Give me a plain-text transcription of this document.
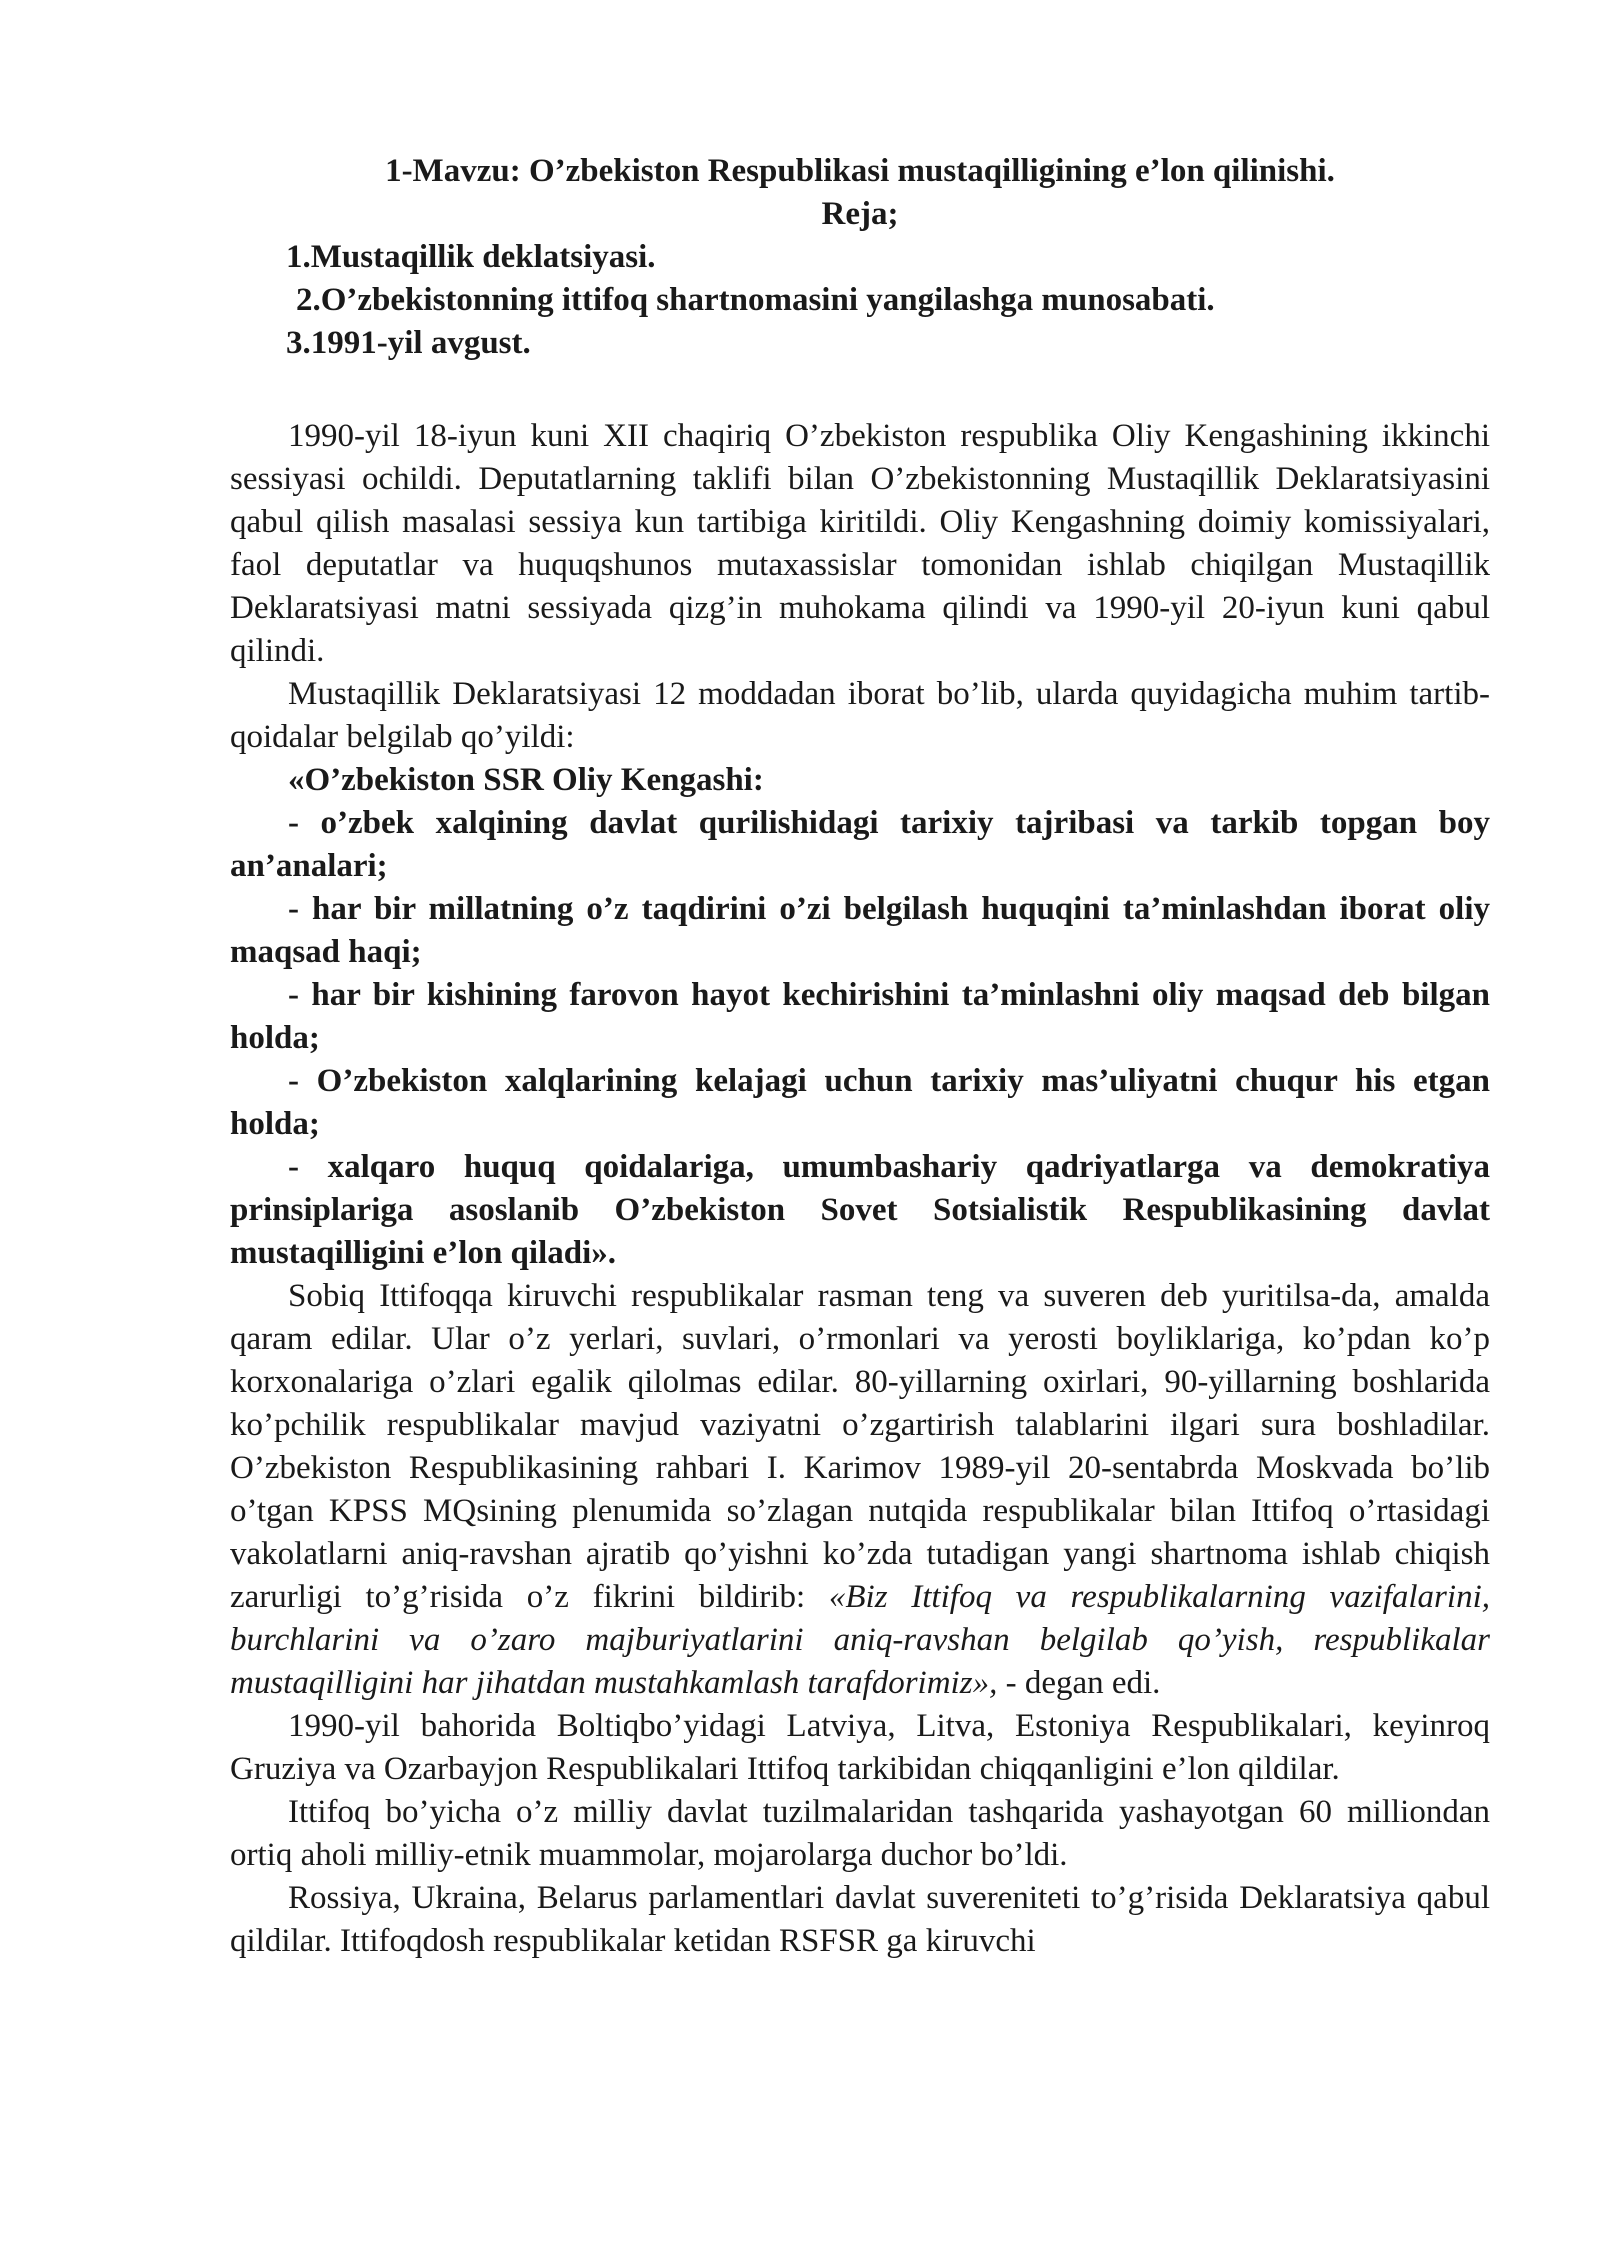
1-Mavzu: O’zbekiston Respublikasi mustaqilligining e’lon qilinishi.

Reja;

1.Mustaqillik deklatsiyasi.

2.O’zbekistonning ittifoq shartnomasini yangilashga munosabati.

3.1991-yil avgust.

1990-yil 18-iyun kuni XII chaqiriq O’zbekiston respublika Oliy Kengashining ikkinchi sessiyasi ochildi. Deputatlarning taklifi bilan O’zbekistonning Mustaqillik Deklaratsiyasini qabul qilish masalasi sessiya kun tartibiga kiritildi. Oliy Kengashning doimiy komissiyalari, faol deputatlar va huquqshunos mutaxassislar tomonidan ishlab chiqilgan Mustaqillik Deklaratsiyasi matni sessiyada qizg’in muhokama qilindi va 1990-yil 20-iyun kuni qabul qilindi.

Mustaqillik Deklaratsiyasi 12 moddadan iborat bo’lib, ularda quyidagicha muhim tartib-qoidalar belgilab qo’yildi:

«O’zbekiston SSR Oliy Kengashi:

- o’zbek xalqining davlat qurilishidagi tarixiy tajribasi va tarkib topgan boy an’analari;

- har bir millatning o’z taqdirini o’zi belgilash huquqini ta’minlashdan iborat oliy maqsad haqi;

- har bir kishining farovon hayot kechirishini ta’minlashni oliy maqsad deb bilgan holda;

- O’zbekiston xalqlarining kelajagi uchun tarixiy mas’uliyatni chuqur his etgan holda;

- xalqaro huquq qoidalariga, umumbashariy qadriyatlarga va demokratiya prinsiplariga asoslanib O’zbekiston Sovet Sotsialistik Respublikasining davlat mustaqilligini e’lon qiladi».

Sobiq Ittifoqqa kiruvchi respublikalar rasman teng va suveren deb yuritilsa-da, amalda qaram edilar. Ular o’z yerlari, suvlari, o’rmonlari va yerosti boyliklariga, ko’pdan ko’p korxonalariga o’zlari egalik qilolmas edilar. 80-yillarning oxirlari, 90-yillarning boshlarida ko’pchilik respublikalar mavjud vaziyatni o’zgartirish talablarini ilgari sura boshladilar. O’zbekiston Respublikasining rahbari I. Karimov 1989-yil 20-sentabrda Moskvada bo’lib o’tgan KPSS MQsining plenumida so’zlagan nutqida respublikalar bilan Ittifoq o’rtasidagi vakolatlarni aniq-ravshan ajratib qo’yishni ko’zda tutadigan yangi shartnoma ishlab chiqish zarurligi to’g’risida o’z fikrini bildirib: «Biz Ittifoq va respublikalarning vazifalarini, burchlarini va o’zaro majburiyatlarini aniq-ravshan belgilab qo’yish, respublikalar mustaqilligini har jihatdan mustahkamlash tarafdorimiz», - degan edi.

1990-yil bahorida Boltiqbo’yidagi Latviya, Litva, Estoniya Respublikalari, keyinroq Gruziya va Ozarbayjon Respublikalari Ittifoq tarkibidan chiqqanligini e’lon qildilar.

Ittifoq bo’yicha o’z milliy davlat tuzilmalaridan tashqarida yashayotgan 60 milliondan ortiq aholi milliy-etnik muammolar, mojarolarga duchor bo’ldi.

Rossiya, Ukraina, Belarus parlamentlari davlat suvereniteti to’g’risida Deklaratsiya qabul qildilar. Ittifoqdosh respublikalar ketidan RSFSR ga kiruvchi
